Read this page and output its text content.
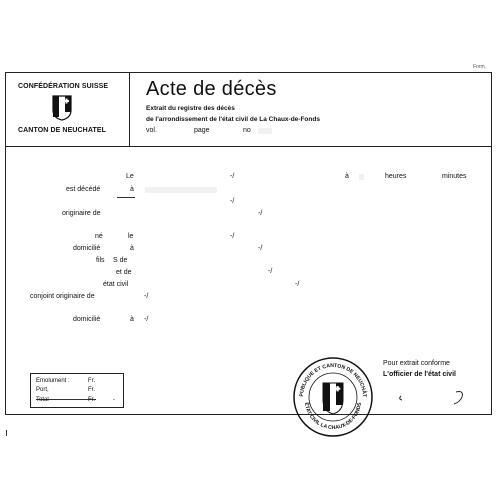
Form.
CONFÉDÉRATION SUISSE
CANTON DE NEUCHATEL
Acte de décès
Extrait du registre des décès
de l'arrondissement de l'état civil de La Chaux-de-Fonds
vol.	page	no
Le	-/	à	heures	minutes
est décédé	à
-/
originaire de	-/
né	le	-/
domicilié	à	-/
fils S de
et de	-/
état civil	-/
conjoint originaire de	-/
domicilié	à -/
Emolument :	Fr.
Port,	Fr.
Total	Fr.	-
PUBLIQUE ET CANTON DE NEUCHÂT
ÉTAT CIVIL LA CHAUX-DE-FONDS
Pour extrait conforme
L'officier de l'état civil
